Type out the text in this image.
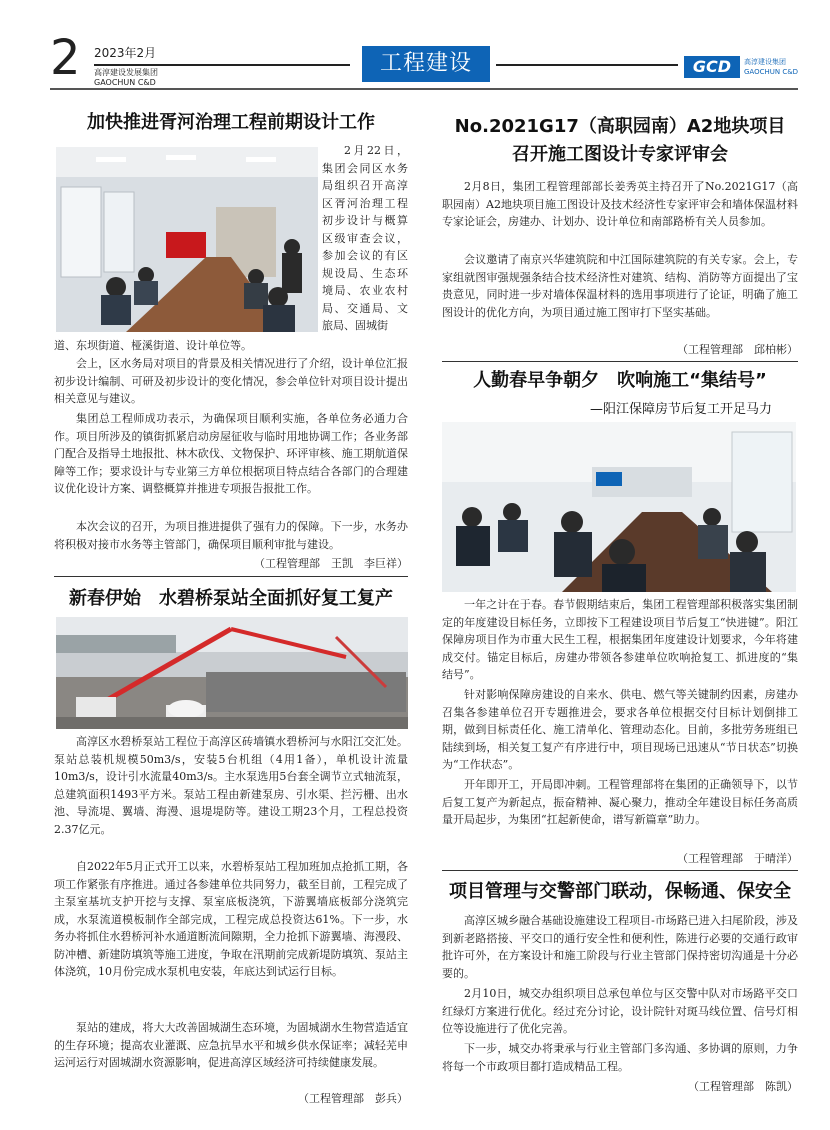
2 2023年2月
高淳建设发展集团
GAOCHUN C&D
工程建设	GCD	高淳建设集团
GAOCHUN C&D
加快推进胥河治理工程前期设计工作

2月22日，集团会同区水务局组织召开高淳区胥河治理工程初步设计与概算区级审查会议，参加会议的有区规设局、生态环境局、农业农村局、交通局、文旅局、固城街

道、东坝街道、桠溪街道、设计单位等。

会上，区水务局对项目的背景及相关情况进行了介绍，设计单位汇报初步设计编制、可研及初步设计的变化情况，参会单位针对项目设计提出相关意见与建议。

集团总工程师成功表示，为确保项目顺利实施，各单位务必通力合作。项目所涉及的镇街抓紧启动房屋征收与临时用地协调工作；各业务部门配合及指导土地报批、林木砍伐、文物保护、环评审核、施工期航道保障等工作；要求设计与专业第三方单位根据项目特点结合各部门的合理建议优化设计方案、调整概算并推进专项报告报批工作。

本次会议的召开，为项目推进提供了强有力的保障。下一步，水务办将积极对接市水务等主管部门，确保项目顺利审批与建设。

（工程管理部　王凯　李巨祥）
新春伊始　水碧桥泵站全面抓好复工复产

高淳区水碧桥泵站工程位于高淳区砖墙镇水碧桥河与水阳江交汇处。泵站总装机规模50m3/s，安装5台机组（4用1备），单机设计流量10m3/s，设计引水流量40m3/s。主水泵选用5台套全调节立式轴流泵，总建筑面积1493平方米。泵站工程由新建泵房、引水渠、拦污栅、出水池、导流堤、翼墙、海漫、退堤堤防等。建设工期23个月，工程总投资2.37亿元。

自2022年5月正式开工以来，水碧桥泵站工程加班加点抢抓工期，各项工作紧张有序推进。通过各参建单位共同努力，截至目前，工程完成了主泵室基坑支护开挖与支撑、泵室底板浇筑，下游翼墙底板部分浇筑完成，水泵流道模板制作全部完成，工程完成总投资达61%。下一步，水务办将抓住水碧桥河补水通道断流间隙期，全力抢抓下游翼墙、海漫段、防冲槽、新建防填筑等施工进度，争取在汛期前完成新堤防填筑、泵站主体浇筑，10月份完成水泵机电安装，年底达到试运行目标。

泵站的建成，将大大改善固城湖生态环境，为固城湖水生物营造适宜的生存环境；提高农业灌溉、应急抗旱水平和城乡供水保证率；减轻芜申运河运行对固城湖水资源影响，促进高淳区域经济可持续健康发展。

（工程管理部　彭兵）
No.2021G17（高职园南）A2地块项目
召开施工图设计专家评审会

2月8日，集团工程管理部部长姜秀英主持召开了No.2021G17（高职园南）A2地块项目施工图设计及技术经济性专家评审会和墙体保温材料专家论证会，房建办、计划办、设计单位和南部路桥有关人员参加。

会议邀请了南京兴华建筑院和中江国际建筑院的有关专家。会上，专家组就图审强规强条结合技术经济性对建筑、结构、消防等方面提出了宝贵意见，同时进一步对墙体保温材料的选用事项进行了论证，明确了施工图设计的优化方向，为项目通过施工图审打下坚实基础。

（工程管理部　邱柏彬）
人勤春早争朝夕　吹响施工“集结号”
—阳江保障房节后复工开足马力

一年之计在于春。春节假期结束后，集团工程管理部积极落实集团制定的年度建设目标任务，立即按下工程建设项目节后复工“快进键”。阳江保障房项目作为市重大民生工程，根据集团年度建设计划要求，今年将建成交付。锚定目标后，房建办带领各参建单位吹响抢复工、抓进度的“集结号”。

针对影响保障房建设的自来水、供电、燃气等关键制约因素，房建办召集各参建单位召开专题推进会，要求各单位根据交付目标计划倒排工期，做到目标责任化、施工清单化、管理动态化。目前，多批劳务班组已陆续到场，相关复工复产有序进行中，项目现场已迅速从“节日状态”切换为“工作状态”。

开年即开工，开局即冲刺。工程管理部将在集团的正确领导下，以节后复工复产为新起点，振奋精神、凝心聚力，推动全年建设目标任务高质量开局起步，为集团“扛起新使命，谱写新篇章”助力。

（工程管理部　于晴洋）
项目管理与交警部门联动，保畅通、保安全

高淳区城乡融合基础设施建设工程项目-市场路已进入扫尾阶段，涉及到新老路搭接、平交口的通行安全性和便利性，陈进行必要的交通行政审批许可外，在方案设计和施工阶段与行业主管部门保持密切沟通是十分必要的。

2月10日，城交办组织项目总承包单位与区交警中队对市场路平交口红绿灯方案进行优化。经过充分讨论，设计院针对斑马线位置、信号灯相位等设施进行了优化完善。

下一步，城交办将秉承与行业主管部门多沟通、多协调的原则，力争将每一个市政项目都打造成精品工程。

（工程管理部　陈凯）
